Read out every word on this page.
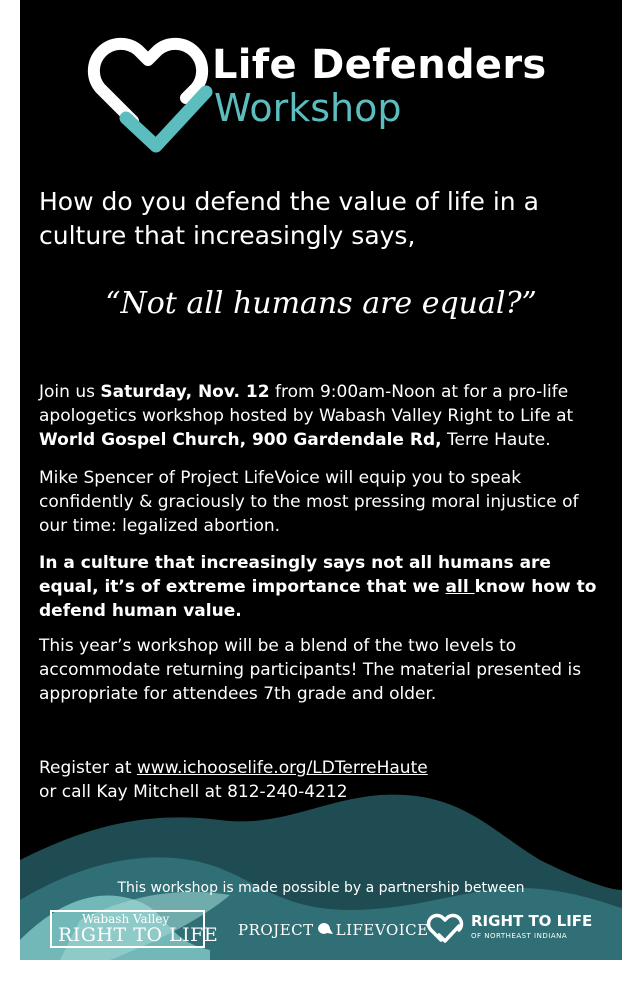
Life Defenders
Workshop
How do you defend the value of life in a culture that increasingly says,
“Not all humans are equal?”
Join us Saturday, Nov. 12 from 9:00am-Noon at for a pro-life apologetics workshop hosted by Wabash Valley Right to Life at World Gospel Church, 900 Gardendale Rd, Terre Haute.
Mike Spencer of Project LifeVoice will equip you to speak confidently & graciously to the most pressing moral injustice of our time: legalized abortion.
In a culture that increasingly says not all humans are equal, it’s of extreme importance that we all know how to defend human value.
This year’s workshop will be a blend of the two levels to accommodate returning participants! The material presented is appropriate for attendees 7th grade and older.
Register at www.ichooselife.org/LDTerreHaute
or call Kay Mitchell at 812-240-4212
This workshop is made possible by a partnership between
Wabash Valley
RIGHT TO LIFE PROJECT LIFEVOICE	RIGHT TO LIFE
OF NORTHEAST INDIANA
